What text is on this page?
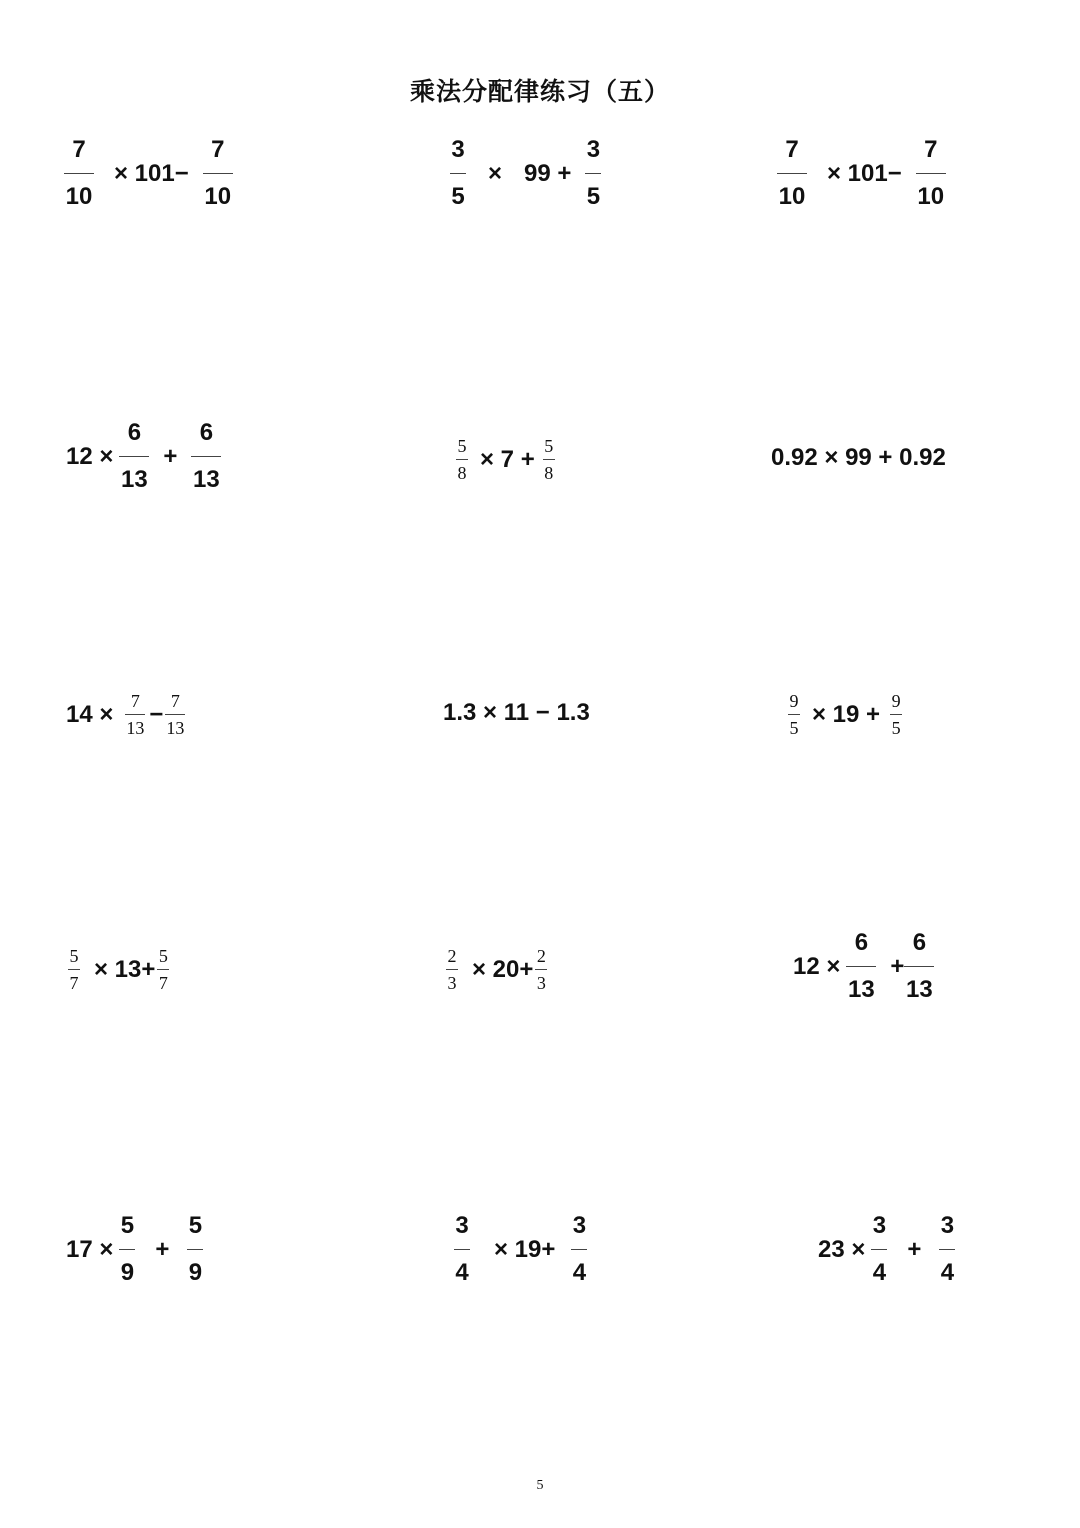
乘法分配律练习（五）
$\frac{7}{10} \times 101- \frac{7}{10}$	$\frac{3}{5} \times 99 + \frac{3}{5}$	$\frac{7}{10} \times 101- \frac{7}{10}$
$12 \times \frac{6}{13} + \frac{6}{13}$	$\frac{5}{8} \times 7 + \frac{5}{8}$	0.92 × 99 + 0.92
$14 \times \frac{7}{13} - \frac{7}{13}$	1.3 × 11 − 1.3	$\frac{9}{5} \times 19 + \frac{9}{5}$
$\frac{5}{7} \times 13+ \frac{5}{7}$	$\frac{2}{3} \times 20+ \frac{2}{3}$	$12 \times \frac{6}{13} + \frac{6}{13}$
$17 \times \frac{5}{9} + \frac{5}{9}$	$\frac{3}{4} \times 19+ \frac{3}{4}$	$23 \times \frac{3}{4} + \frac{3}{4}$
5
